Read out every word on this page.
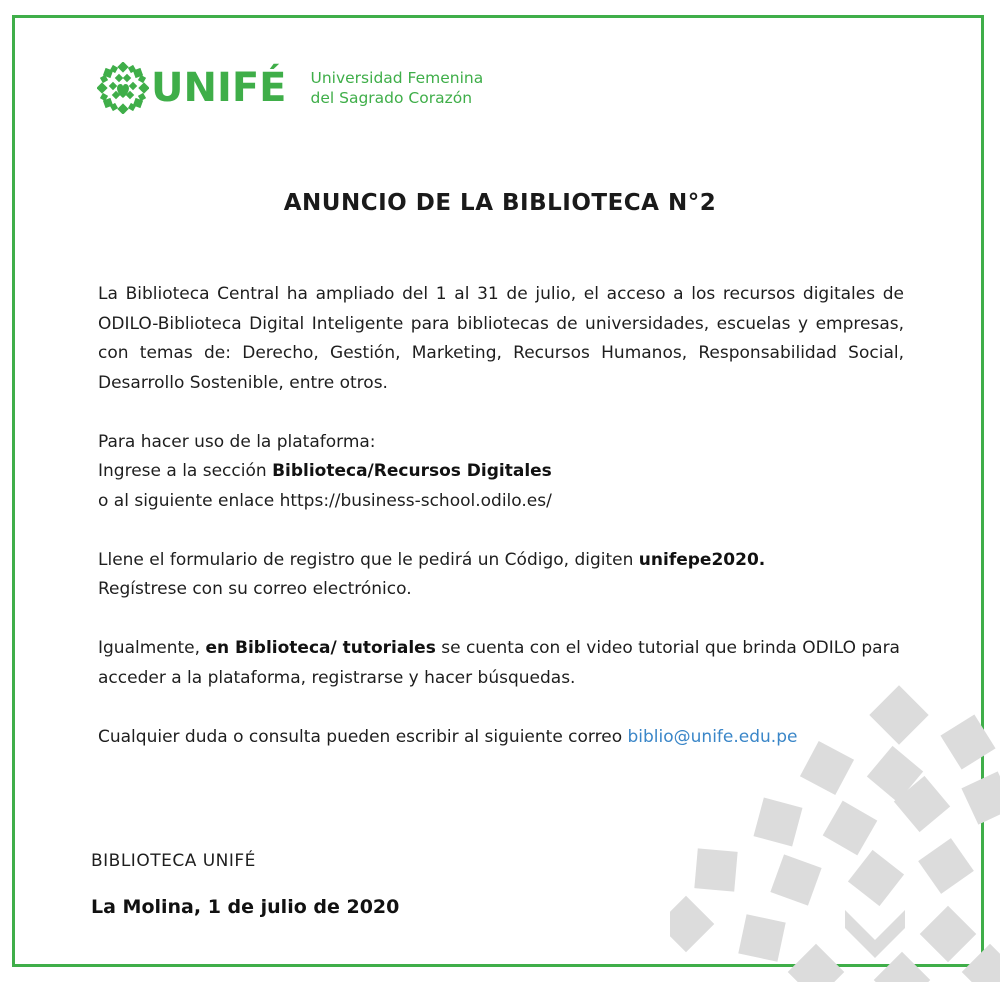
UNIFÉ Universidad Femenina
del Sagrado Corazón
ANUNCIO DE LA BIBLIOTECA N°2

La Biblioteca Central ha ampliado del 1 al 31 de julio, el acceso a los recursos digitales de ODILO-Biblioteca Digital Inteligente para bibliotecas de universidades, escuelas y empresas, con temas de: Derecho, Gestión, Marketing, Recursos Humanos, Responsabilidad Social, Desarrollo Sostenible, entre otros.

Para hacer uso de la plataforma:
Ingrese a la sección Biblioteca/Recursos Digitales
o al siguiente enlace https://business-school.odilo.es/

Llene el formulario de registro que le pedirá un Código, digiten unifepe2020.
Regístrese con su correo electrónico.

Igualmente, en Biblioteca/ tutoriales se cuenta con el video tutorial que brinda ODILO para acceder a la plataforma, registrarse y hacer búsquedas.

Cualquier duda o consulta pueden escribir al siguiente correo biblio@unife.edu.pe

BIBLIOTECA UNIFÉ
La Molina, 1 de julio de 2020
